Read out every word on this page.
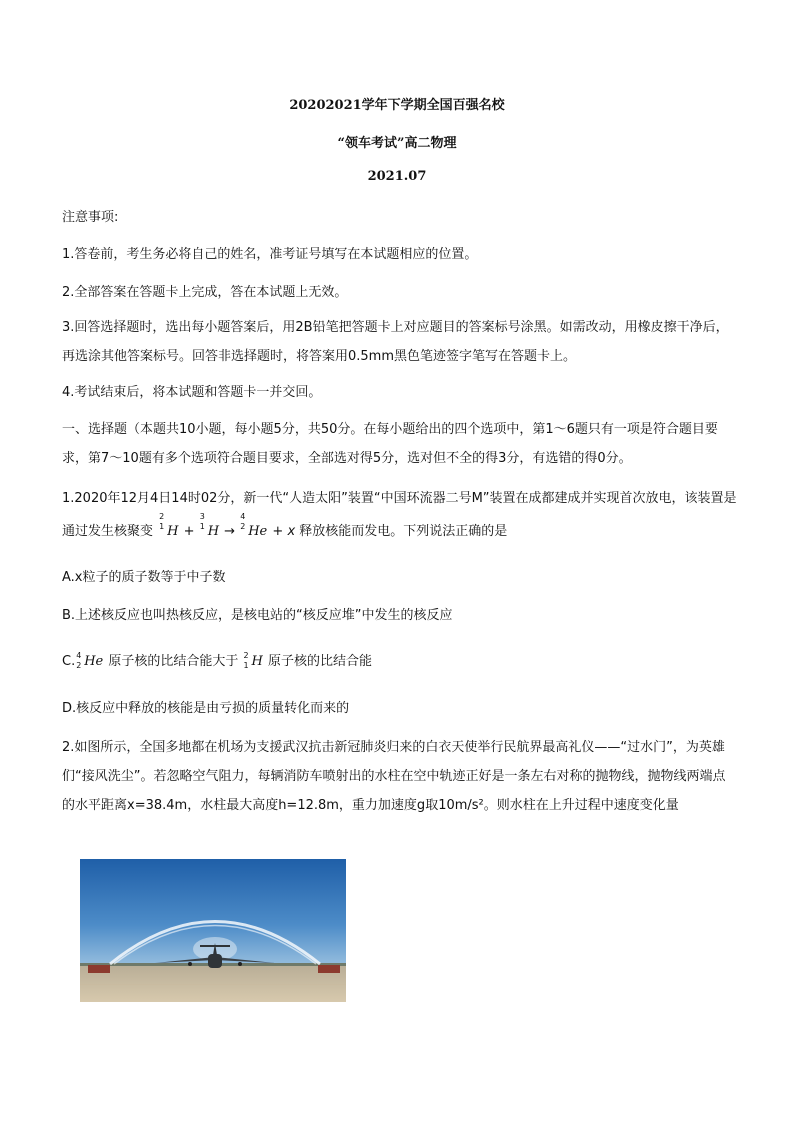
20202021学年下学期全国百强名校
“领车考试”高二物理
2021.07

注意事项:

1.答卷前，考生务必将自己的姓名，准考证号填写在本试题相应的位置。

2.全部答案在答题卡上完成，答在本试题上无效。

3.回答选择题时，选出每小题答案后，用2B铅笔把答题卡上对应题目的答案标号涂黑。如需改动，用橡皮擦干净后，再选涂其他答案标号。回答非选择题时，将答案用0.5mm黑色笔迹签字笔写在答题卡上。

4.考试结束后，将本试题和答题卡一并交回。

一、选择题（本题共10小题，每小题5分，共50分。在每小题给出的四个选项中，第1～6题只有一项是符合题目要求，第7～10题有多个选项符合题目要求，全部选对得5分，选对但不全的得3分，有选错的得0分。

1.2020年12月4日14时02分，新一代“人造太阳”装置“中国环流器二号M”装置在成都建成并实现首次放电，该装置是通过发生核聚变
2
1 H +
3
1 H →
4
2 He + x 释放核能而发电。下列说法正确的是

A.x粒子的质子数等于中子数

B.上述核反应也叫热核反应，是核电站的“核反应堆”中发生的核反应

C. 4
2 He 原子核的比结合能大于 2
1 H 原子核的比结合能

D.核反应中释放的核能是由亏损的质量转化而来的

2.如图所示，全国多地都在机场为支援武汉抗击新冠肺炎归来的白衣天使举行民航界最高礼仪——“过水门”，为英雄们“接风洗尘”。若忽略空气阻力，每辆消防车喷射出的水柱在空中轨迹正好是一条左右对称的抛物线，抛物线两端点的水平距离x=38.4m，水柱最大高度h=12.8m，重力加速度g取10m/s²。则水柱在上升过程中速度变化量
